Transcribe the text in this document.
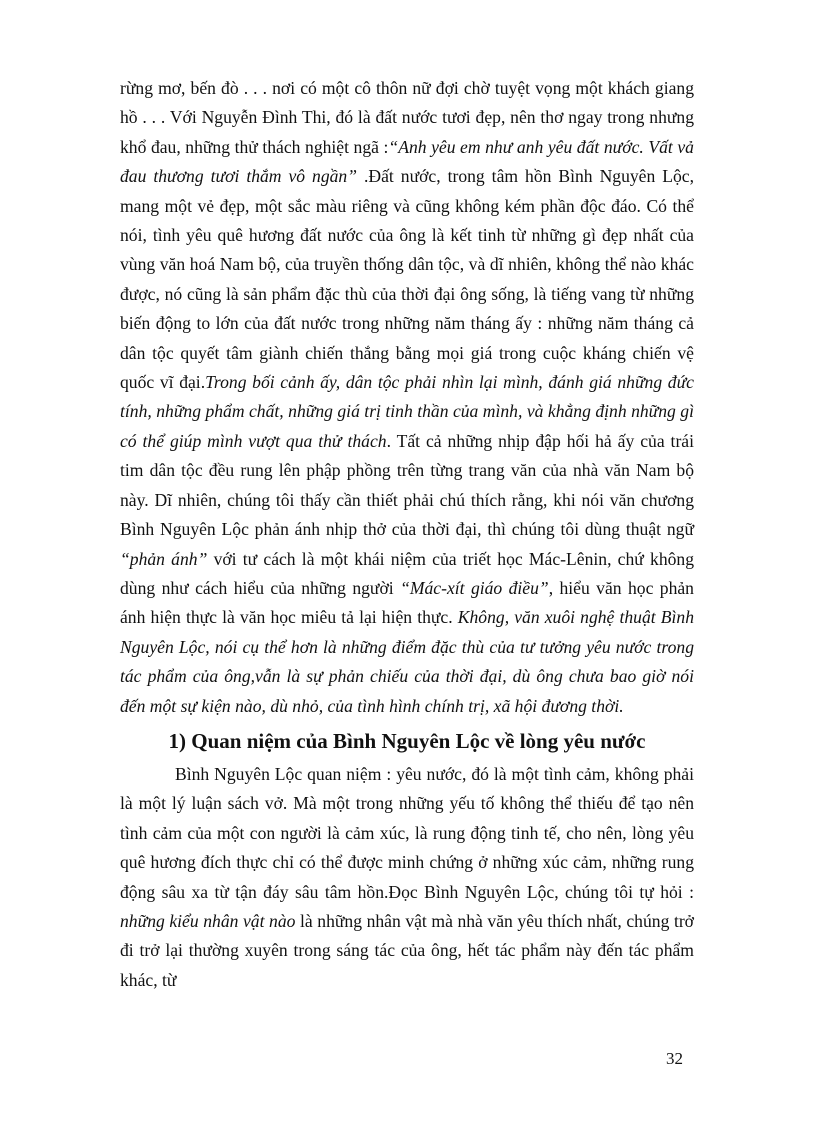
rừng mơ, bến đò . . . nơi có một cô thôn nữ đợi chờ tuyệt vọng một khách giang hồ . . . Với Nguyễn Đình Thi, đó là đất nước tươi đẹp, nên thơ ngay trong nhưng khổ đau, những thử thách nghiệt ngã :“Anh yêu em như anh yêu đất nước. Vất vả đau thương tươi thắm vô ngần” .Đất nước, trong tâm hồn Bình Nguyên Lộc, mang một vẻ đẹp, một sắc màu riêng và cũng không kém phần độc đáo. Có thể nói, tình yêu quê hương đất nước của ông là kết tinh từ những gì đẹp nhất của vùng văn hoá Nam bộ, của truyền thống dân tộc, và dĩ nhiên, không thể nào khác được, nó cũng là sản phẩm đặc thù của thời đại ông sống, là tiếng vang từ những biến động to lớn của đất nước trong những năm tháng ấy : những năm tháng cả dân tộc quyết tâm giành chiến thắng bằng mọi giá trong cuộc kháng chiến vệ quốc vĩ đại.Trong bối cảnh ấy, dân tộc phải nhìn lại mình, đánh giá những đức tính, những phẩm chất, những giá trị tinh thần của mình, và khẳng định những gì có thể giúp mình vượt qua thử thách. Tất cả những nhịp đập hối hả ấy của trái tim dân tộc đều rung lên phập phồng trên từng trang văn của nhà văn Nam bộ này. Dĩ nhiên, chúng tôi thấy cần thiết phải chú thích rằng, khi nói văn chương Bình Nguyên Lộc phản ánh nhịp thở của thời đại, thì chúng tôi dùng thuật ngữ “phản ánh” với tư cách là một khái niệm của triết học Mác-Lênin, chứ không dùng như cách hiểu của những người “Mác-xít giáo điều”, hiểu văn học phản ánh hiện thực là văn học miêu tả lại hiện thực. Không, văn xuôi nghệ thuật Bình Nguyên Lộc, nói cụ thể hơn là những điểm đặc thù của tư tưởng yêu nước trong tác phẩm của ông,vẫn là sự phản chiếu của thời đại, dù ông chưa bao giờ nói đến một sự kiện nào, dù nhỏ, của tình hình chính trị, xã hội đương thời.

1) Quan niệm của Bình Nguyên Lộc về lòng yêu nước

Bình Nguyên Lộc quan niệm : yêu nước, đó là một tình cảm, không phải là một lý luận sách vở. Mà một trong những yếu tố không thể thiếu để tạo nên tình cảm của một con người là cảm xúc, là rung động tinh tế, cho nên, lòng yêu quê hương đích thực chỉ có thể được minh chứng ở những xúc cảm, những rung động sâu xa từ tận đáy sâu tâm hồn.Đọc Bình Nguyên Lộc, chúng tôi tự hỏi : những kiểu nhân vật nào là những nhân vật mà nhà văn yêu thích nhất, chúng trở đi trở lại thường xuyên trong sáng tác của ông, hết tác phẩm này đến tác phẩm khác, từ

32
